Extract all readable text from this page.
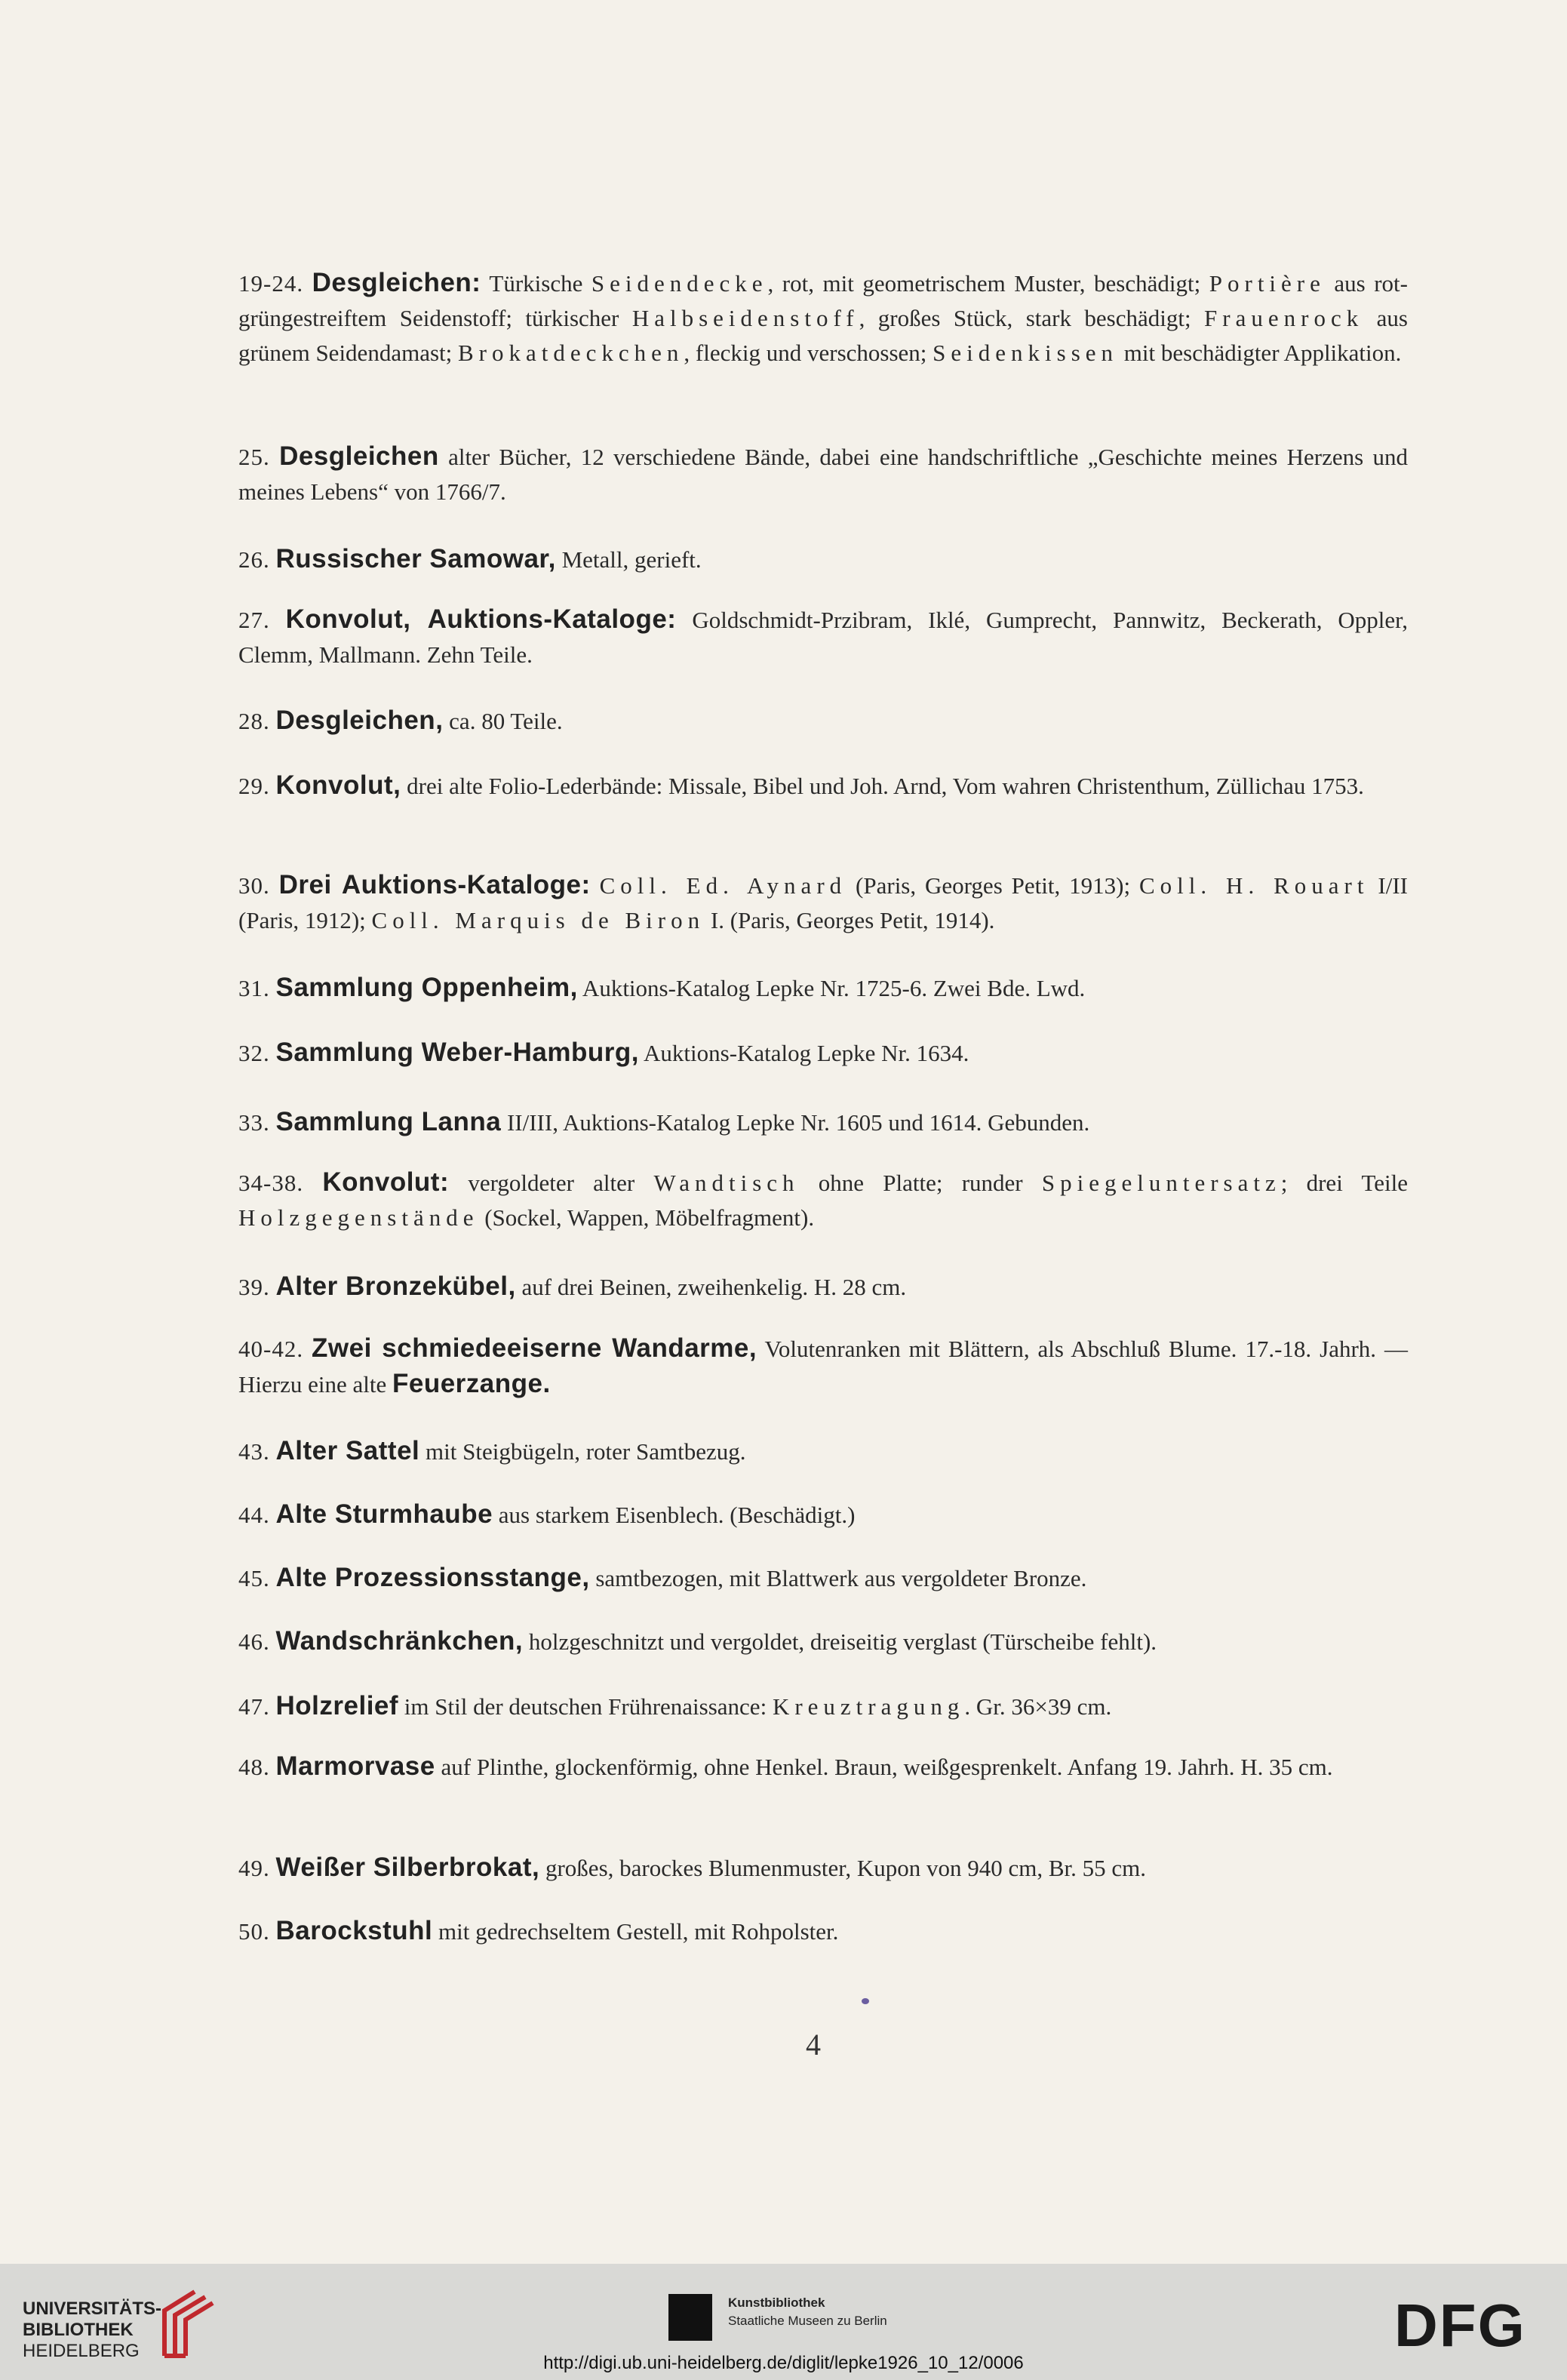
19-24. Desgleichen: Türkische Seidendecke, rot, mit geometrischem Muster, beschädigt; Portière aus rot-grüngestreiftem Seidenstoff; türkischer Halbseidenstoff, großes Stück, stark beschädigt; Frauenrock aus grünem Seidendamast; Brokatdeckchen, fleckig und verschossen; Seidenkissen mit beschädigter Applikation.
25. Desgleichen alter Bücher, 12 verschiedene Bände, dabei eine handschriftliche „Geschichte meines Herzens und meines Lebens“ von 1766/7.
26. Russischer Samowar, Metall, gerieft.
27. Konvolut, Auktions-Kataloge: Goldschmidt-Przibram, Iklé, Gumprecht, Pannwitz, Beckerath, Oppler, Clemm, Mallmann. Zehn Teile.
28. Desgleichen, ca. 80 Teile.
29. Konvolut, drei alte Folio-Lederbände: Missale, Bibel und Joh. Arnd, Vom wahren Christenthum, Züllichau 1753.
30. Drei Auktions-Kataloge: Coll. Ed. Aynard (Paris, Georges Petit, 1913); Coll. H. Rouart I/II (Paris, 1912); Coll. Marquis de Biron I. (Paris, Georges Petit, 1914).
31. Sammlung Oppenheim, Auktions-Katalog Lepke Nr. 1725-6. Zwei Bde. Lwd.
32. Sammlung Weber-Hamburg, Auktions-Katalog Lepke Nr. 1634.
33. Sammlung Lanna II/III, Auktions-Katalog Lepke Nr. 1605 und 1614. Gebunden.
34-38. Konvolut: vergoldeter alter Wandtisch ohne Platte; runder Spiegeluntersatz; drei Teile Holzgegenstände (Sockel, Wappen, Möbelfragment).
39. Alter Bronzekübel, auf drei Beinen, zweihenkelig. H. 28 cm.
40-42. Zwei schmiedeeiserne Wandarme, Volutenranken mit Blättern, als Abschluß Blume. 17.-18. Jahrh. — Hierzu eine alte Feuerzange.
43. Alter Sattel mit Steigbügeln, roter Samtbezug.
44. Alte Sturmhaube aus starkem Eisenblech. (Beschädigt.)
45. Alte Prozessionsstange, samtbezogen, mit Blattwerk aus vergoldeter Bronze.
46. Wandschränkchen, holzgeschnitzt und vergoldet, dreiseitig verglast (Türscheibe fehlt).
47. Holzrelief im Stil der deutschen Frührenaissance: Kreuztragung. Gr. 36×39 cm.
48. Marmorvase auf Plinthe, glockenförmig, ohne Henkel. Braun, weißgesprenkelt. Anfang 19. Jahrh. H. 35 cm.
49. Weißer Silberbrokat, großes, barockes Blumenmuster, Kupon von 940 cm, Br. 55 cm.
50. Barockstuhl mit gedrechseltem Gestell, mit Rohpolster.
4
UNIVERSITÄTS-
BIBLIOTHEK
HEIDELBERG
Kunstbibliothek
Staatliche Museen zu Berlin	DFG
http://digi.ub.uni-heidelberg.de/diglit/lepke1926_10_12/0006
